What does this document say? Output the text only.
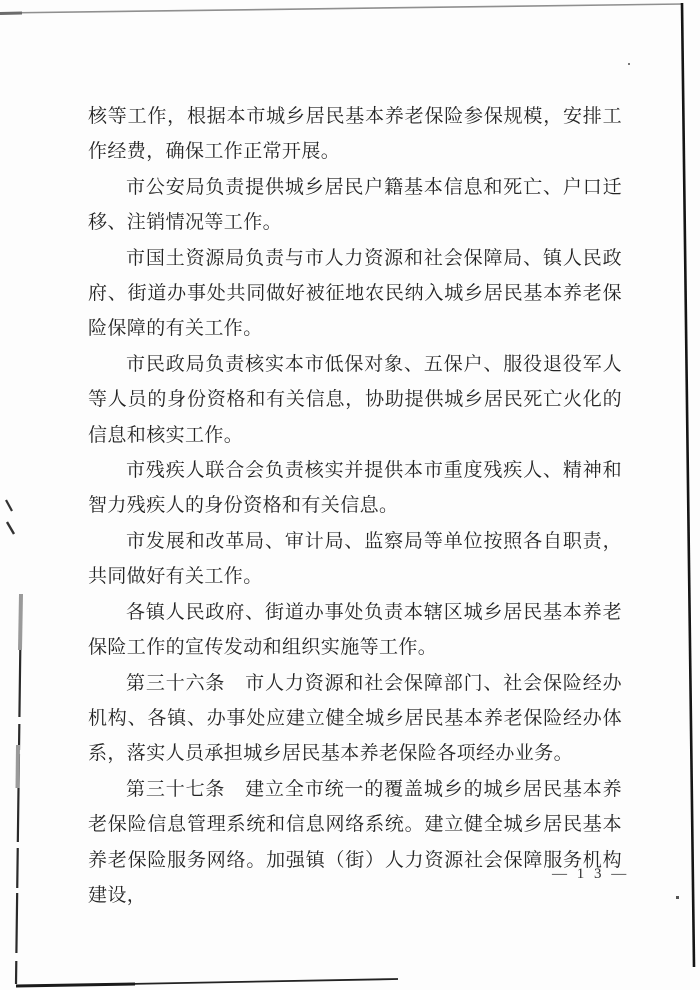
核等工作，根据本市城乡居民基本养老保险参保规模，安排工作经费，确保工作正常开展。

市公安局负责提供城乡居民户籍基本信息和死亡、户口迁移、注销情况等工作。

市国土资源局负责与市人力资源和社会保障局、镇人民政府、街道办事处共同做好被征地农民纳入城乡居民基本养老保险保障的有关工作。

市民政局负责核实本市低保对象、五保户、服役退役军人等人员的身份资格和有关信息，协助提供城乡居民死亡火化的信息和核实工作。

市残疾人联合会负责核实并提供本市重度残疾人、精神和智力残疾人的身份资格和有关信息。

市发展和改革局、审计局、监察局等单位按照各自职责，共同做好有关工作。

各镇人民政府、街道办事处负责本辖区城乡居民基本养老保险工作的宣传发动和组织实施等工作。

第三十六条　市人力资源和社会保障部门、社会保险经办机构、各镇、办事处应建立健全城乡居民基本养老保险经办体系，落实人员承担城乡居民基本养老保险各项经办业务。

第三十七条　建立全市统一的覆盖城乡的城乡居民基本养老保险信息管理系统和信息网络系统。建立健全城乡居民基本养老保险服务网络。加强镇（街）人力资源社会保障服务机构建设，

— 1 3 —
